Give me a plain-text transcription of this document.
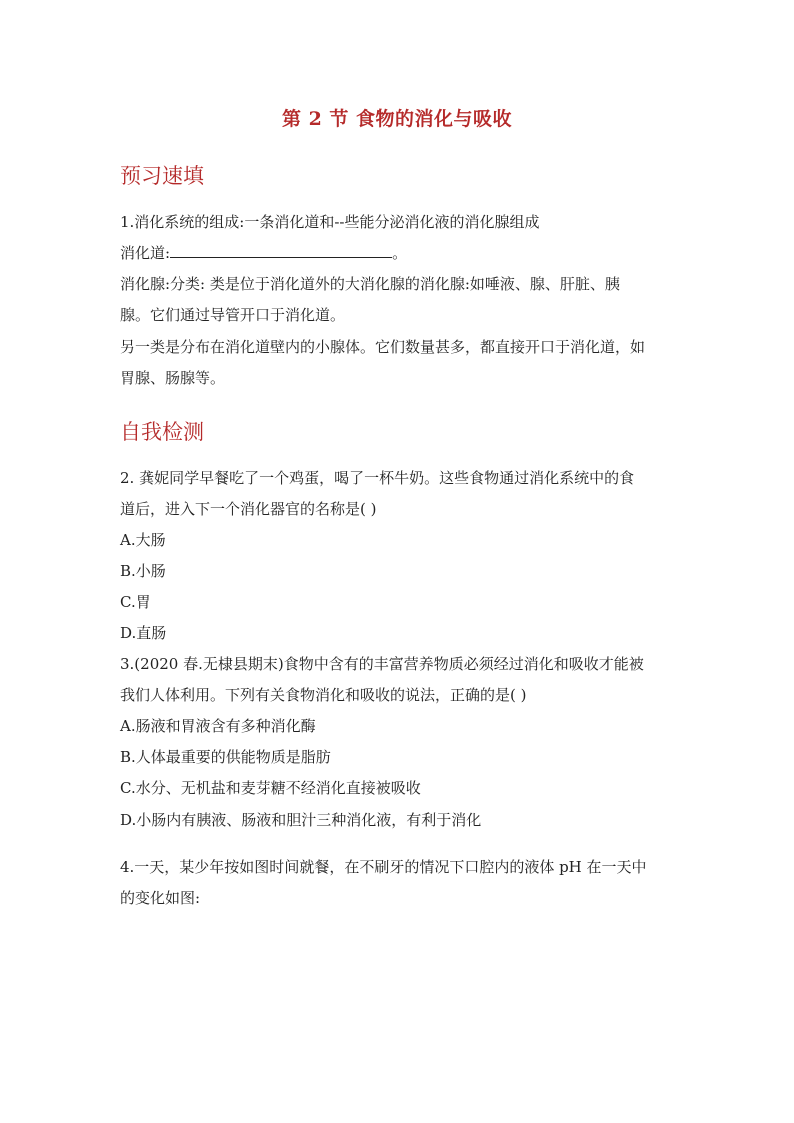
第 2 节 食物的消化与吸收
预习速填
1.消化系统的组成:一条消化道和--些能分泌消化液的消化腺组成
消化道:	。
消化腺:分类: 类是位于消化道外的大消化腺的消化腺:如唾液、腺、肝脏、胰
腺。它们通过导管开口于消化道。
另一类是分布在消化道壁内的小腺体。它们数量甚多，都直接开口于消化道，如
胃腺、肠腺等。
自我检测
2. 龚妮同学早餐吃了一个鸡蛋，喝了一杯牛奶。这些食物通过消化系统中的食
道后，进入下一个消化器官的名称是( )
A.大肠
B.小肠
C.胃
D.直肠
3.(2020 春.无棣县期末)食物中含有的丰富营养物质必须经过消化和吸收才能被
我们人体利用。下列有关食物消化和吸收的说法，正确的是( )
A.肠液和胃液含有多种消化酶
B.人体最重要的供能物质是脂肪
C.水分、无机盐和麦芽糖不经消化直接被吸收
D.小肠内有胰液、肠液和胆汁三种消化液，有利于消化
4.一天，某少年按如图时间就餐，在不刷牙的情况下口腔内的液体 pH 在一天中
的变化如图:
